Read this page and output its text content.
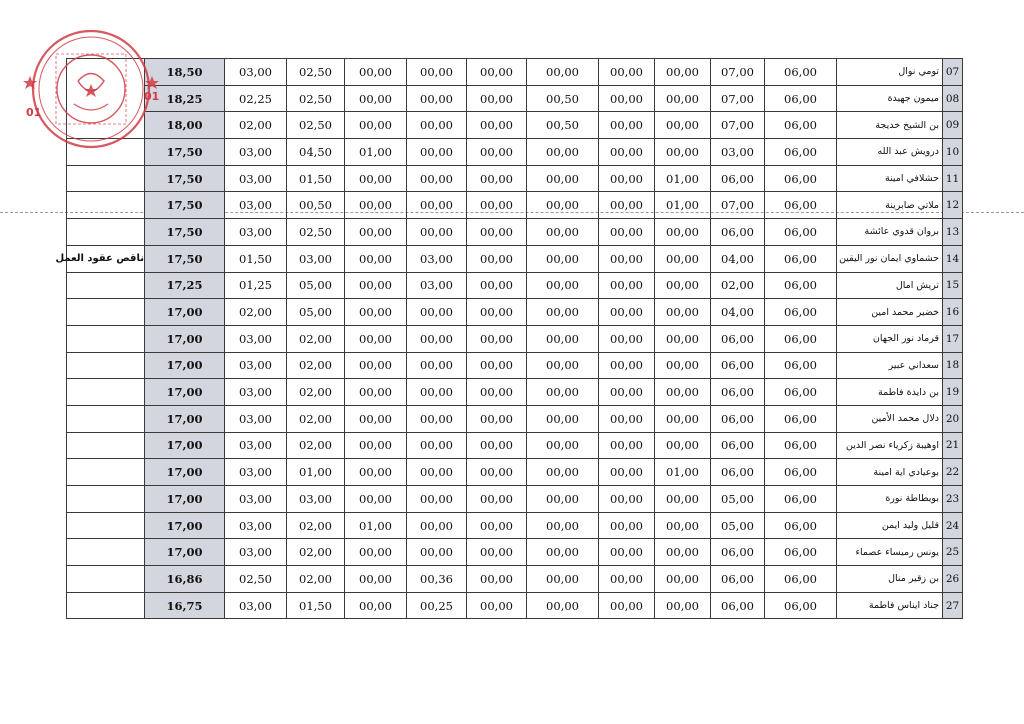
	18,50	03,00	02,50	00,00	00,00	00,00	00,00	00,00	00,00	07,00	06,00	تومي نوال	07
	18,25	02,25	02,50	00,00	00,00	00,00	00,50	00,00	00,00	07,00	06,00	ميمون جهيدة	08
	18,00	02,00	02,50	00,00	00,00	00,00	00,50	00,00	00,00	07,00	06,00	بن الشيخ خديجة	09
	17,50	03,00	04,50	01,00	00,00	00,00	00,00	00,00	00,00	03,00	06,00	درويش عبد الله	10
	17,50	03,00	01,50	00,00	00,00	00,00	00,00	00,00	01,00	06,00	06,00	حشلافي امينة	11
	17,50	03,00	00,50	00,00	00,00	00,00	00,00	00,00	01,00	07,00	06,00	ملاتي صابرينة	12
	17,50	03,00	02,50	00,00	00,00	00,00	00,00	00,00	00,00	06,00	06,00	بروان قدوي عائشة	13
ناقص عقود العمل	17,50	01,50	03,00	00,00	03,00	00,00	00,00	00,00	00,00	04,00	06,00	حشماوي ايمان نور اليقين	14
	17,25	01,25	05,00	00,00	03,00	00,00	00,00	00,00	00,00	02,00	06,00	تريش امال	15
	17,00	02,00	05,00	00,00	00,00	00,00	00,00	00,00	00,00	04,00	06,00	خضير محمد امين	16
	17,00	03,00	02,00	00,00	00,00	00,00	00,00	00,00	00,00	06,00	06,00	قرماد نور الجهان	17
	17,00	03,00	02,00	00,00	00,00	00,00	00,00	00,00	00,00	06,00	06,00	سعداني عبير	18
	17,00	03,00	02,00	00,00	00,00	00,00	00,00	00,00	00,00	06,00	06,00	بن دايدة فاطمة	19
	17,00	03,00	02,00	00,00	00,00	00,00	00,00	00,00	00,00	06,00	06,00	دلال محمد الأمين	20
	17,00	03,00	02,00	00,00	00,00	00,00	00,00	00,00	00,00	06,00	06,00	اوهيبة زكرياء نصر الدين	21
	17,00	03,00	01,00	00,00	00,00	00,00	00,00	00,00	01,00	06,00	06,00	بوعيادي اية امينة	22
	17,00	03,00	03,00	00,00	00,00	00,00	00,00	00,00	00,00	05,00	06,00	بويطاطة نورة	23
	17,00	03,00	02,00	01,00	00,00	00,00	00,00	00,00	00,00	05,00	06,00	قليل وليد ايمن	24
	17,00	03,00	02,00	00,00	00,00	00,00	00,00	00,00	00,00	06,00	06,00	يونس رميساء عصماء	25
	16,86	02,50	02,00	00,00	00,36	00,00	00,00	00,00	00,00	06,00	06,00	بن زقير منال	26
	16,75	03,00	01,50	00,00	00,25	00,00	00,00	00,00	00,00	06,00	06,00	جناد ايناس فاطمة	27
01
01
